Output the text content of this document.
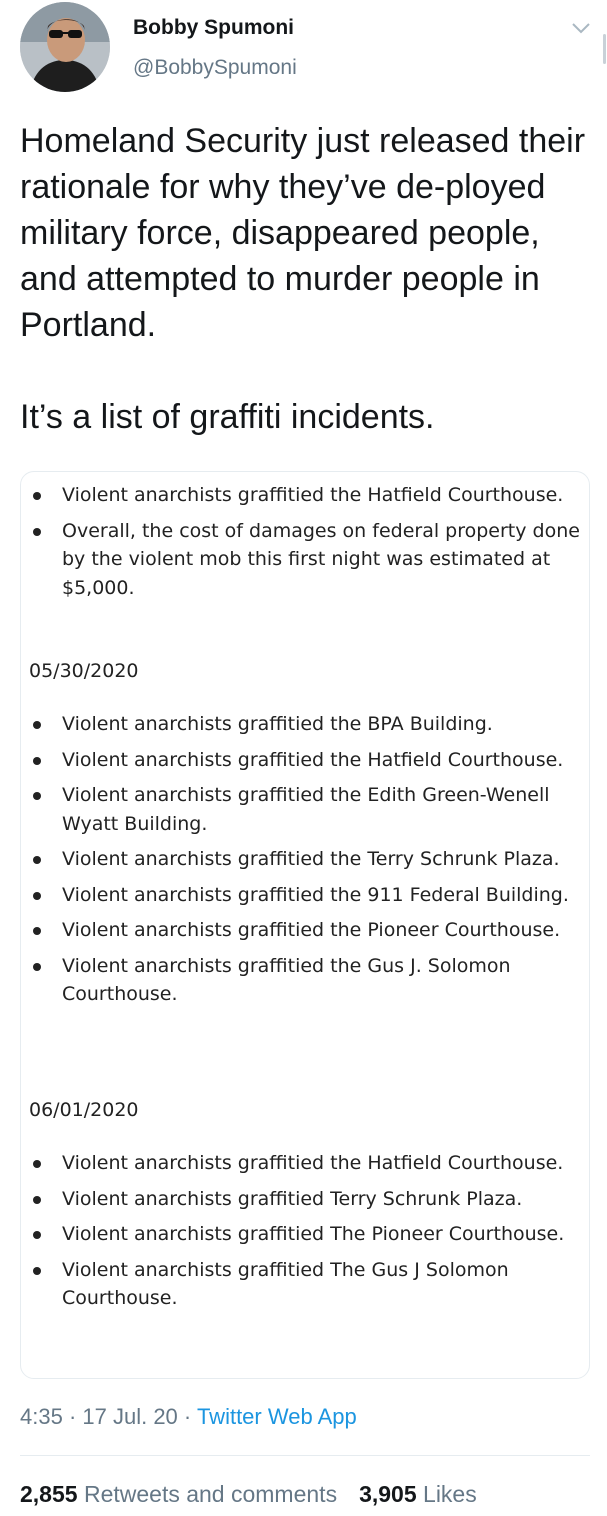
Bobby Spumoni
@BobbySpumoni

Homeland Security just released their rationale for why they’ve de-ployed military force, disappeared people, and attempted to murder people in Portland.

It’s a list of graffiti incidents.

Violent anarchists graffitied the Hatfield Courthouse.
Overall, the cost of damages on federal property done by the violent mob this first night was estimated at $5,000.
05/30/2020
Violent anarchists graffitied the BPA Building.
Violent anarchists graffitied the Hatfield Courthouse.
Violent anarchists graffitied the Edith Green-Wenell Wyatt Building.
Violent anarchists graffitied the Terry Schrunk Plaza.
Violent anarchists graffitied the 911 Federal Building.
Violent anarchists graffitied the Pioneer Courthouse.
Violent anarchists graffitied the Gus J. Solomon Courthouse.
06/01/2020
Violent anarchists graffitied the Hatfield Courthouse.
Violent anarchists graffitied Terry Schrunk Plaza.
Violent anarchists graffitied The Pioneer Courthouse.
Violent anarchists graffitied The Gus J Solomon Courthouse.
4:35 · 17 Jul. 20 · Twitter Web App
2,855 Retweets and comments 3,905 Likes
